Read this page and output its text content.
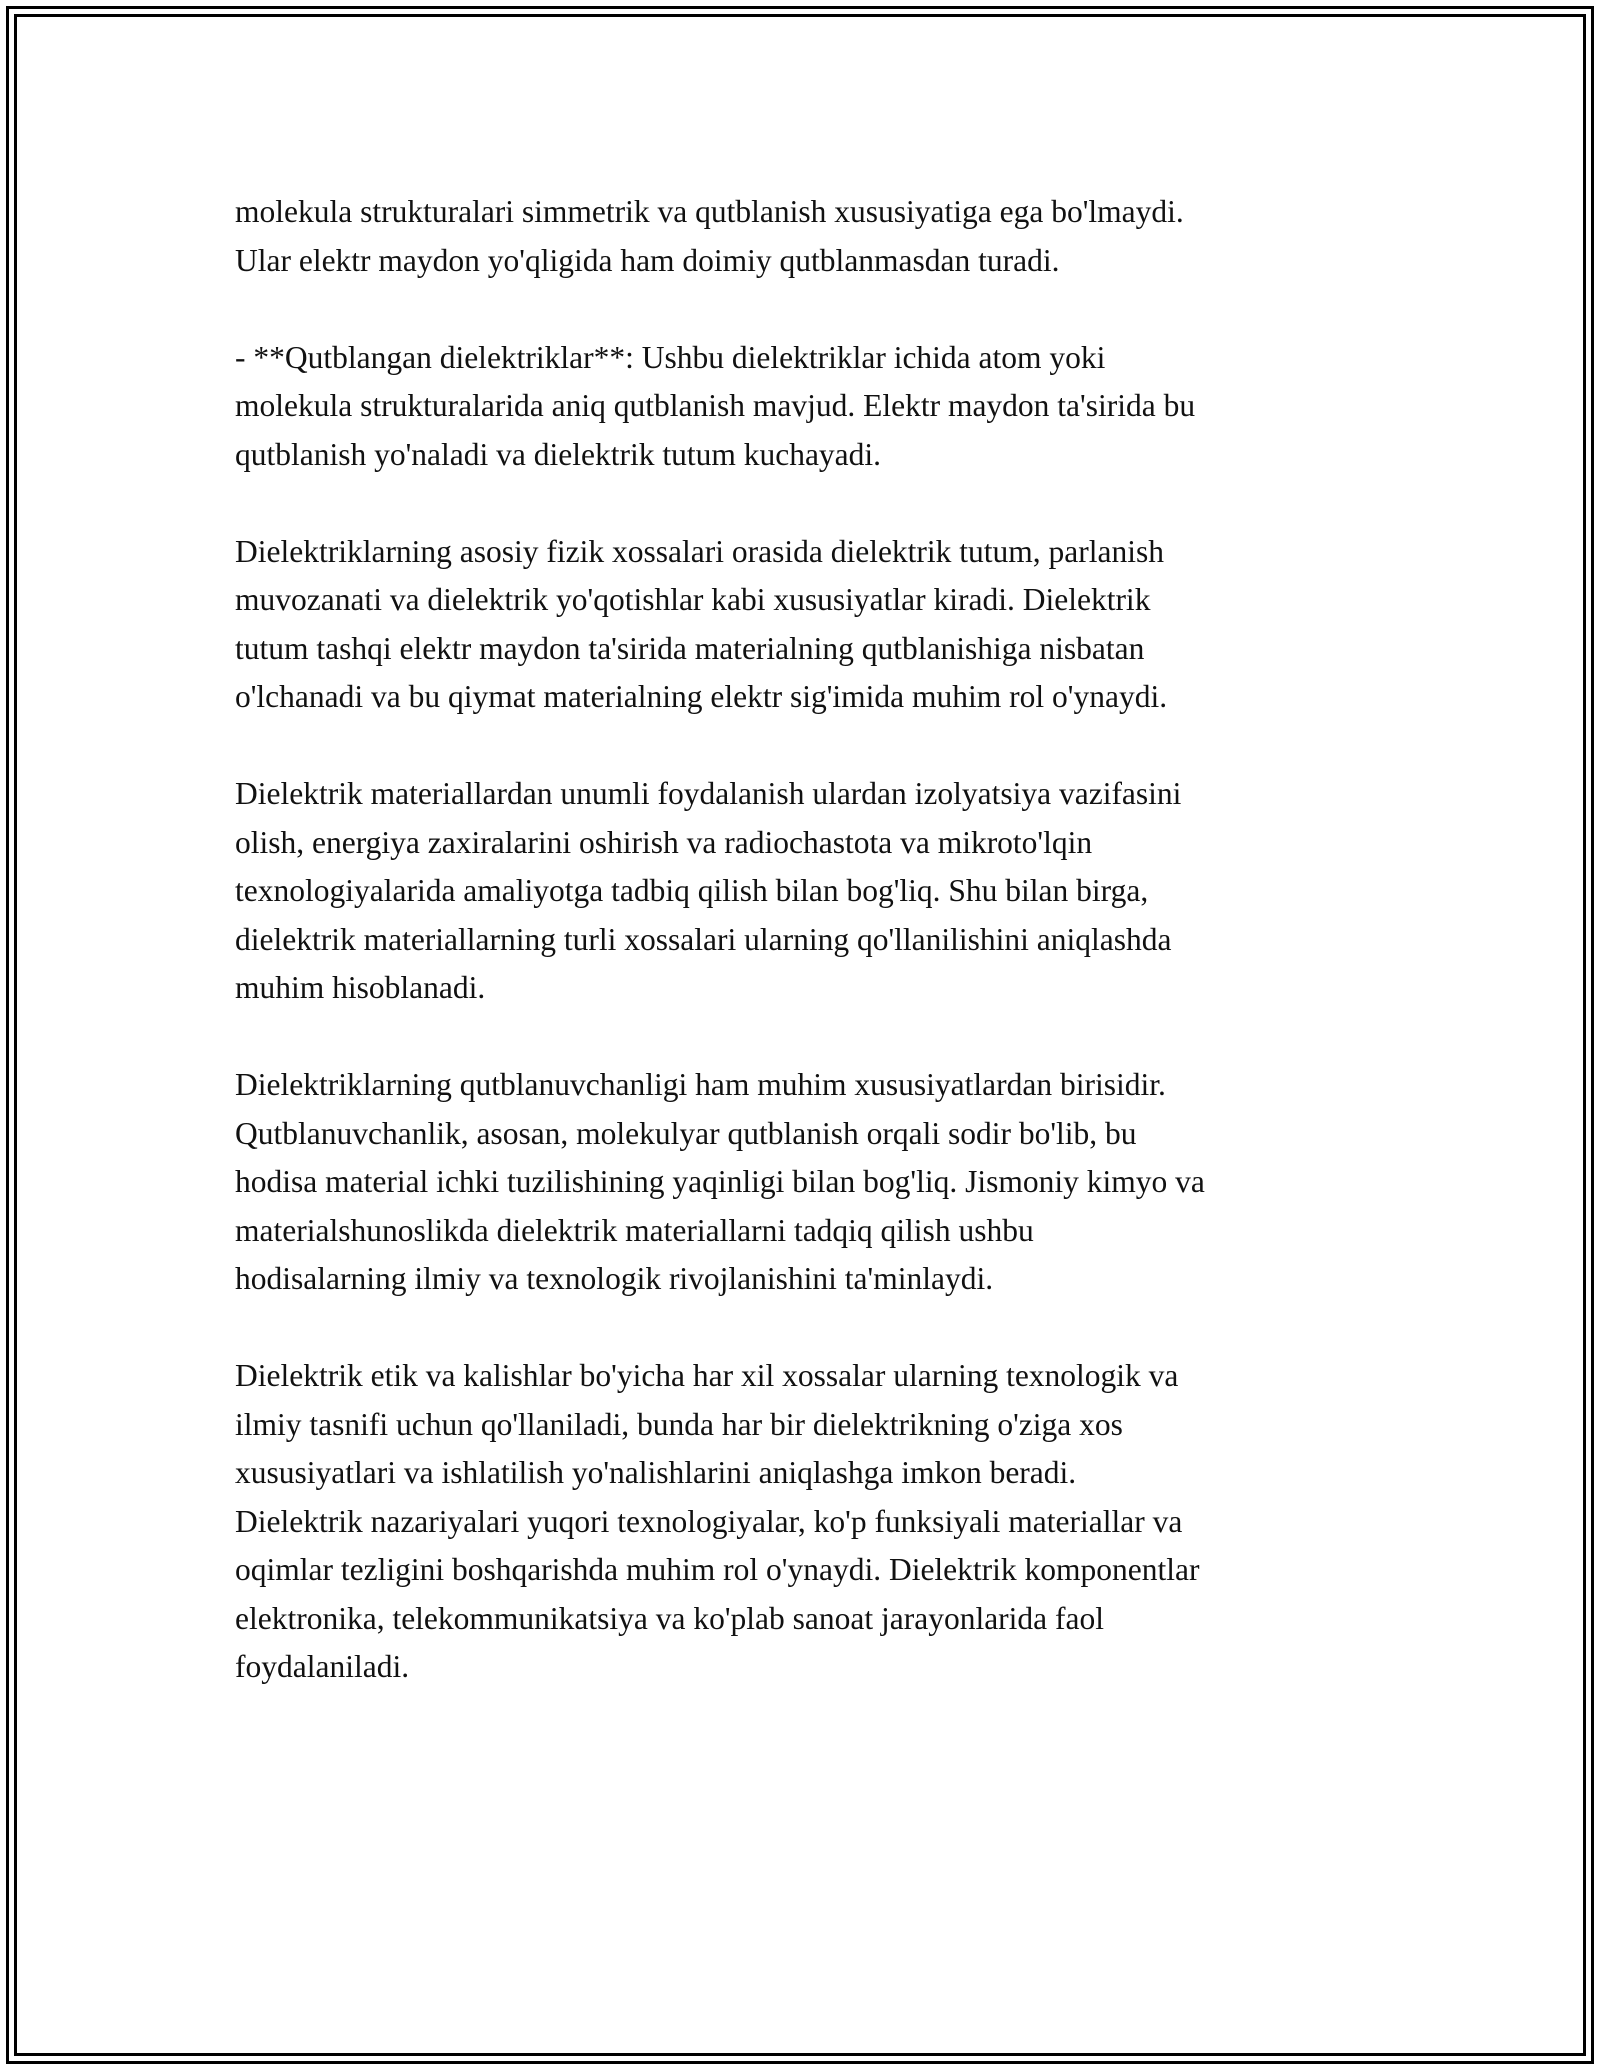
molekula strukturalari simmetrik va qutblanish xususiyatiga ega bo'lmaydi.
Ular elektr maydon yo'qligida ham doimiy qutblanmasdan turadi.

- **Qutblangan dielektriklar**: Ushbu dielektriklar ichida atom yoki
molekula strukturalarida aniq qutblanish mavjud. Elektr maydon ta'sirida bu
qutblanish yo'naladi va dielektrik tutum kuchayadi.

Dielektriklarning asosiy fizik xossalari orasida dielektrik tutum, parlanish
muvozanati va dielektrik yo'qotishlar kabi xususiyatlar kiradi. Dielektrik
tutum tashqi elektr maydon ta'sirida materialning qutblanishiga nisbatan
o'lchanadi va bu qiymat materialning elektr sig'imida muhim rol o'ynaydi.

Dielektrik materiallardan unumli foydalanish ulardan izolyatsiya vazifasini
olish, energiya zaxiralarini oshirish va radiochastota va mikroto'lqin
texnologiyalarida amaliyotga tadbiq qilish bilan bog'liq. Shu bilan birga,
dielektrik materiallarning turli xossalari ularning qo'llanilishini aniqlashda
muhim hisoblanadi.

Dielektriklarning qutblanuvchanligi ham muhim xususiyatlardan birisidir.
Qutblanuvchanlik, asosan, molekulyar qutblanish orqali sodir bo'lib, bu
hodisa material ichki tuzilishining yaqinligi bilan bog'liq. Jismoniy kimyo va
materialshunoslikda dielektrik materiallarni tadqiq qilish ushbu
hodisalarning ilmiy va texnologik rivojlanishini ta'minlaydi.

Dielektrik etik va kalishlar bo'yicha har xil xossalar ularning texnologik va
ilmiy tasnifi uchun qo'llaniladi, bunda har bir dielektrikning o'ziga xos
xususiyatlari va ishlatilish yo'nalishlarini aniqlashga imkon beradi.
Dielektrik nazariyalari yuqori texnologiyalar, ko'p funksiyali materiallar va
oqimlar tezligini boshqarishda muhim rol o'ynaydi. Dielektrik komponentlar
elektronika, telekommunikatsiya va ko'plab sanoat jarayonlarida faol
foydalaniladi.
